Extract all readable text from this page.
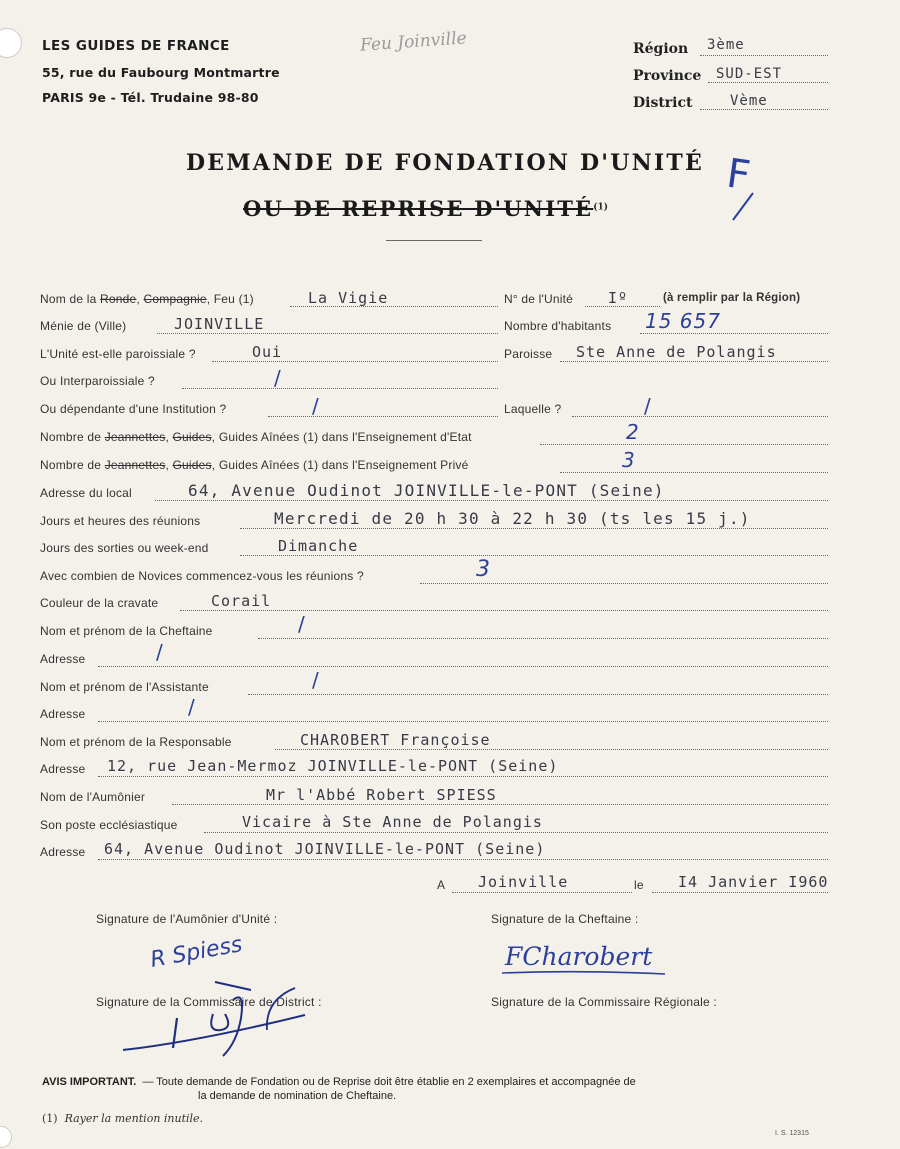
LES GUIDES DE FRANCE
55, rue du Faubourg Montmartre
PARIS 9e - Tél. Trudaine 98-80
Feu Joinville	Région 3ème
Province SUD-EST
District	Vème
DEMANDE DE FONDATION D'UNITÉ
OU DE REPRISE D'UNITÉ$^{(1)}$
F
Nom de la Ronde, Compagnie, Feu (1)	La Vigie	N° de l'Unité Iº	(à remplir par la Région)
Ménie de (Ville)	JOINVILLE	Nombre d'habitants 15 657
L'Unité est-elle paroissiale ?	Oui	Paroisse Ste Anne de Polangis
Ou Interparoissiale ?	/
Ou dépendante d'une Institution ?	/	Laquelle ?	/
Nombre de Jeannettes, Guides, Guides Aînées (1) dans l'Enseignement d'Etat	2
Nombre de Jeannettes, Guides, Guides Aînées (1) dans l'Enseignement Privé	3
Adresse du local	64, Avenue Oudinot JOINVILLE-le-PONT (Seine)
Jours et heures des réunions	Mercredi de 20 h 30 à 22 h 30 (ts les 15 j.)
Jours des sorties ou week-end	Dimanche
Avec combien de Novices commencez-vous les réunions ?	3
Couleur de la cravate	Corail
Nom et prénom de la Cheftaine	/
Adresse	/
Nom et prénom de l'Assistante	/
Adresse	/
Nom et prénom de la Responsable	CHAROBERT Françoise
Adresse 12, rue Jean-Mermoz JOINVILLE-le-PONT (Seine)
Nom de l'Aumônier	Mr l'Abbé Robert SPIESS
Son poste ecclésiastique	Vicaire à Ste Anne de Polangis
Adresse 64, Avenue Oudinot JOINVILLE-le-PONT (Seine)
A Joinville	le I4 Janvier I960
Signature de l'Aumônier d'Unité :	Signature de la Cheftaine :
R Spiess	FCharobert
Signature de la Commissaire de District :	Signature de la Commissaire Régionale :
AVIS IMPORTANT. — Toute demande de Fondation ou de Reprise doit être établie en 2 exemplaires et accompagnée de
la demande de nomination de Cheftaine.
(1) Rayer la mention inutile.
I. S. 12315
